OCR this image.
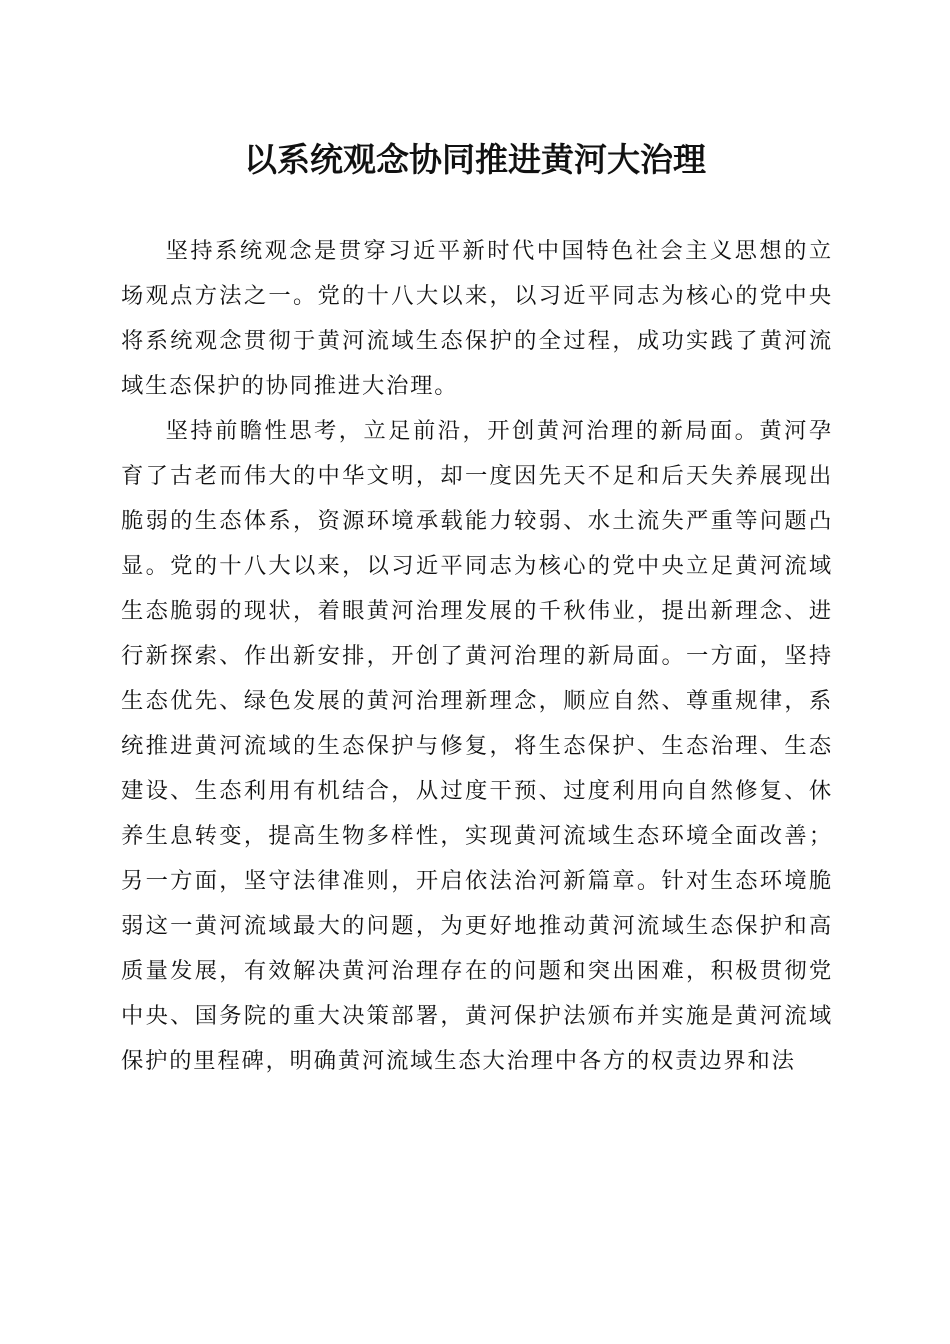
以系统观念协同推进黄河大治理

坚持系统观念是贯穿习近平新时代中国特色社会主义思想的立场观点方法之一。党的十八大以来，以习近平同志为核心的党中央将系统观念贯彻于黄河流域生态保护的全过程，成功实践了黄河流域生态保护的协同推进大治理。

坚持前瞻性思考，立足前沿，开创黄河治理的新局面。黄河孕育了古老而伟大的中华文明，却一度因先天不足和后天失养展现出脆弱的生态体系，资源环境承载能力较弱、水土流失严重等问题凸显。党的十八大以来，以习近平同志为核心的党中央立足黄河流域生态脆弱的现状，着眼黄河治理发展的千秋伟业，提出新理念、进行新探索、作出新安排，开创了黄河治理的新局面。一方面，坚持生态优先、绿色发展的黄河治理新理念，顺应自然、尊重规律，系统推进黄河流域的生态保护与修复，将生态保护、生态治理、生态建设、生态利用有机结合，从过度干预、过度利用向自然修复、休养生息转变，提高生物多样性，实现黄河流域生态环境全面改善；另一方面，坚守法律准则，开启依法治河新篇章。针对生态环境脆弱这一黄河流域最大的问题，为更好地推动黄河流域生态保护和高质量发展，有效解决黄河治理存在的问题和突出困难，积极贯彻党中央、国务院的重大决策部署，黄河保护法颁布并实施是黄河流域保护的里程碑，明确黄河流域生态大治理中各方的权责边界和法
